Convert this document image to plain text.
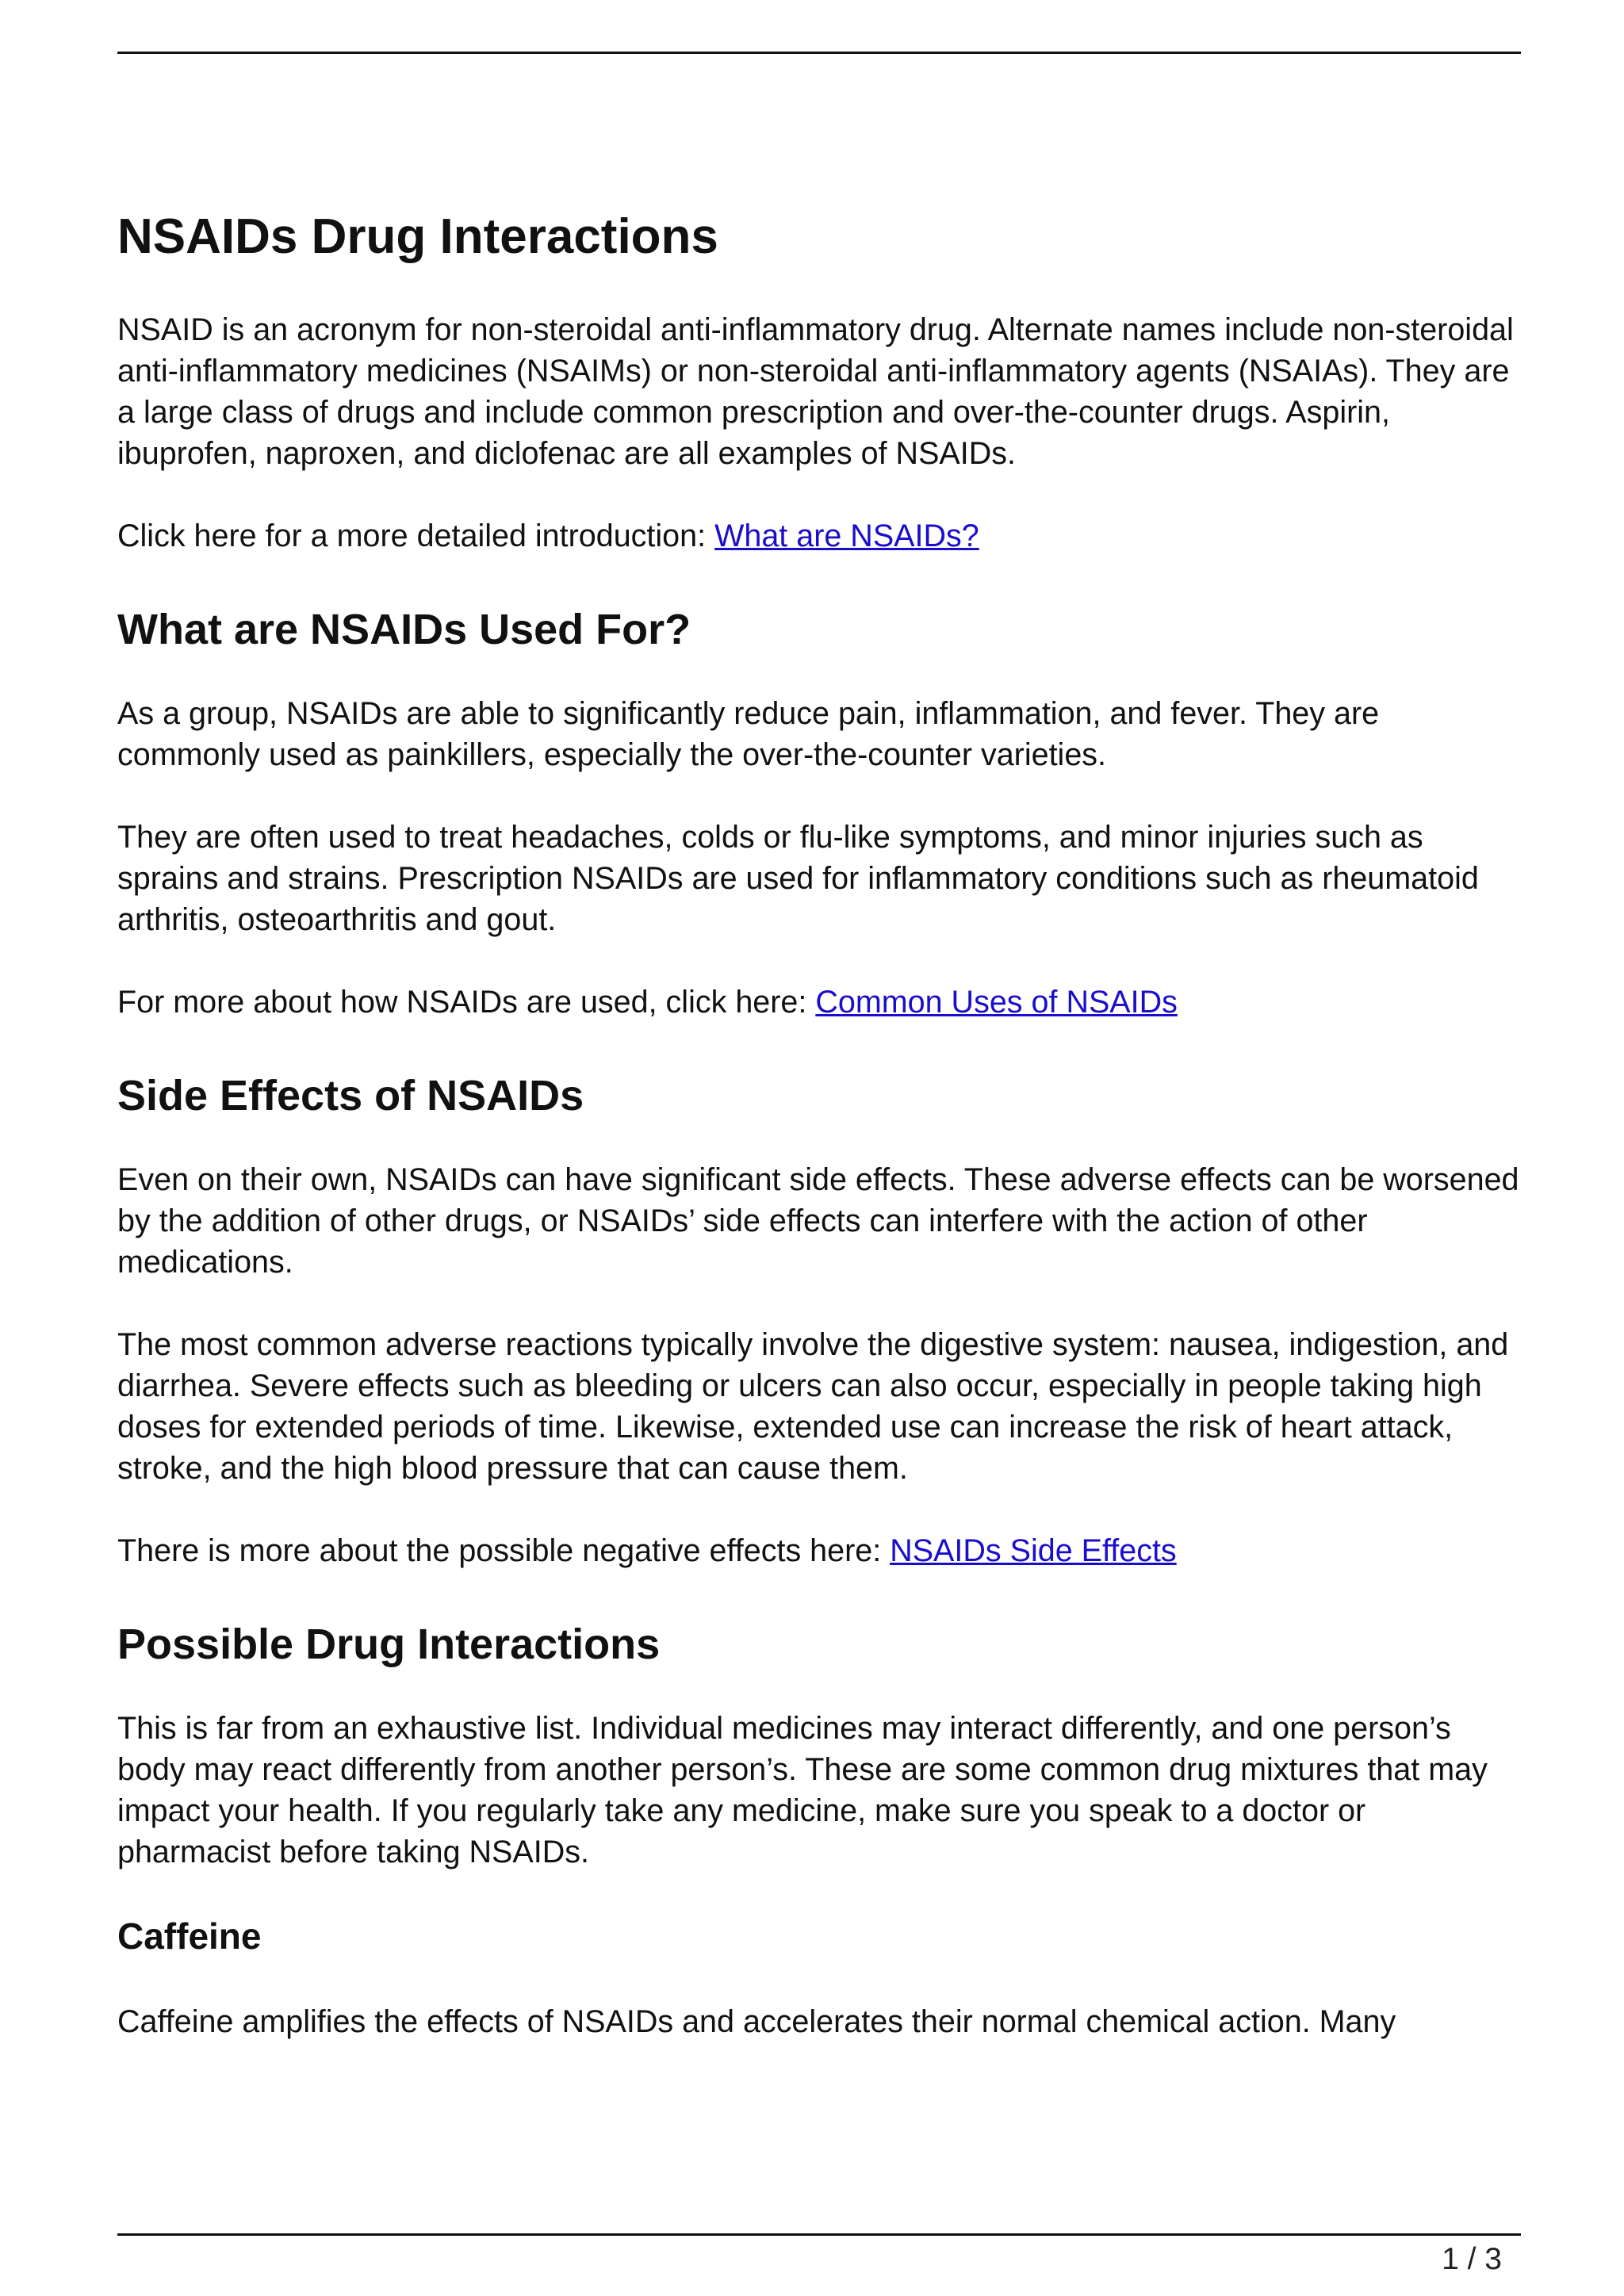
NSAIDs Drug Interactions

NSAID is an acronym for non-steroidal anti-inflammatory drug. Alternate names include non-steroidal anti-inflammatory medicines (NSAIMs) or non-steroidal anti-inflammatory agents (NSAIAs). They are a large class of drugs and include common prescription and over-the-counter drugs. Aspirin, ibuprofen, naproxen, and diclofenac are all examples of NSAIDs.

Click here for a more detailed introduction: What are NSAIDs?

What are NSAIDs Used For?

As a group, NSAIDs are able to significantly reduce pain, inflammation, and fever. They are commonly used as painkillers, especially the over-the-counter varieties.

They are often used to treat headaches, colds or flu-like symptoms, and minor injuries such as sprains and strains. Prescription NSAIDs are used for inflammatory conditions such as rheumatoid arthritis, osteoarthritis and gout.

For more about how NSAIDs are used, click here: Common Uses of NSAIDs

Side Effects of NSAIDs

Even on their own, NSAIDs can have significant side effects. These adverse effects can be worsened by the addition of other drugs, or NSAIDs’ side effects can interfere with the action of other medications.

The most common adverse reactions typically involve the digestive system: nausea, indigestion, and diarrhea. Severe effects such as bleeding or ulcers can also occur, especially in people taking high doses for extended periods of time. Likewise, extended use can increase the risk of heart attack, stroke, and the high blood pressure that can cause them.

There is more about the possible negative effects here: NSAIDs Side Effects

Possible Drug Interactions

This is far from an exhaustive list. Individual medicines may interact differently, and one person’s body may react differently from another person’s. These are some common drug mixtures that may impact your health. If you regularly take any medicine, make sure you speak to a doctor or pharmacist before taking NSAIDs.

Caffeine

Caffeine amplifies the effects of NSAIDs and accelerates their normal chemical action. Many

1 / 3
